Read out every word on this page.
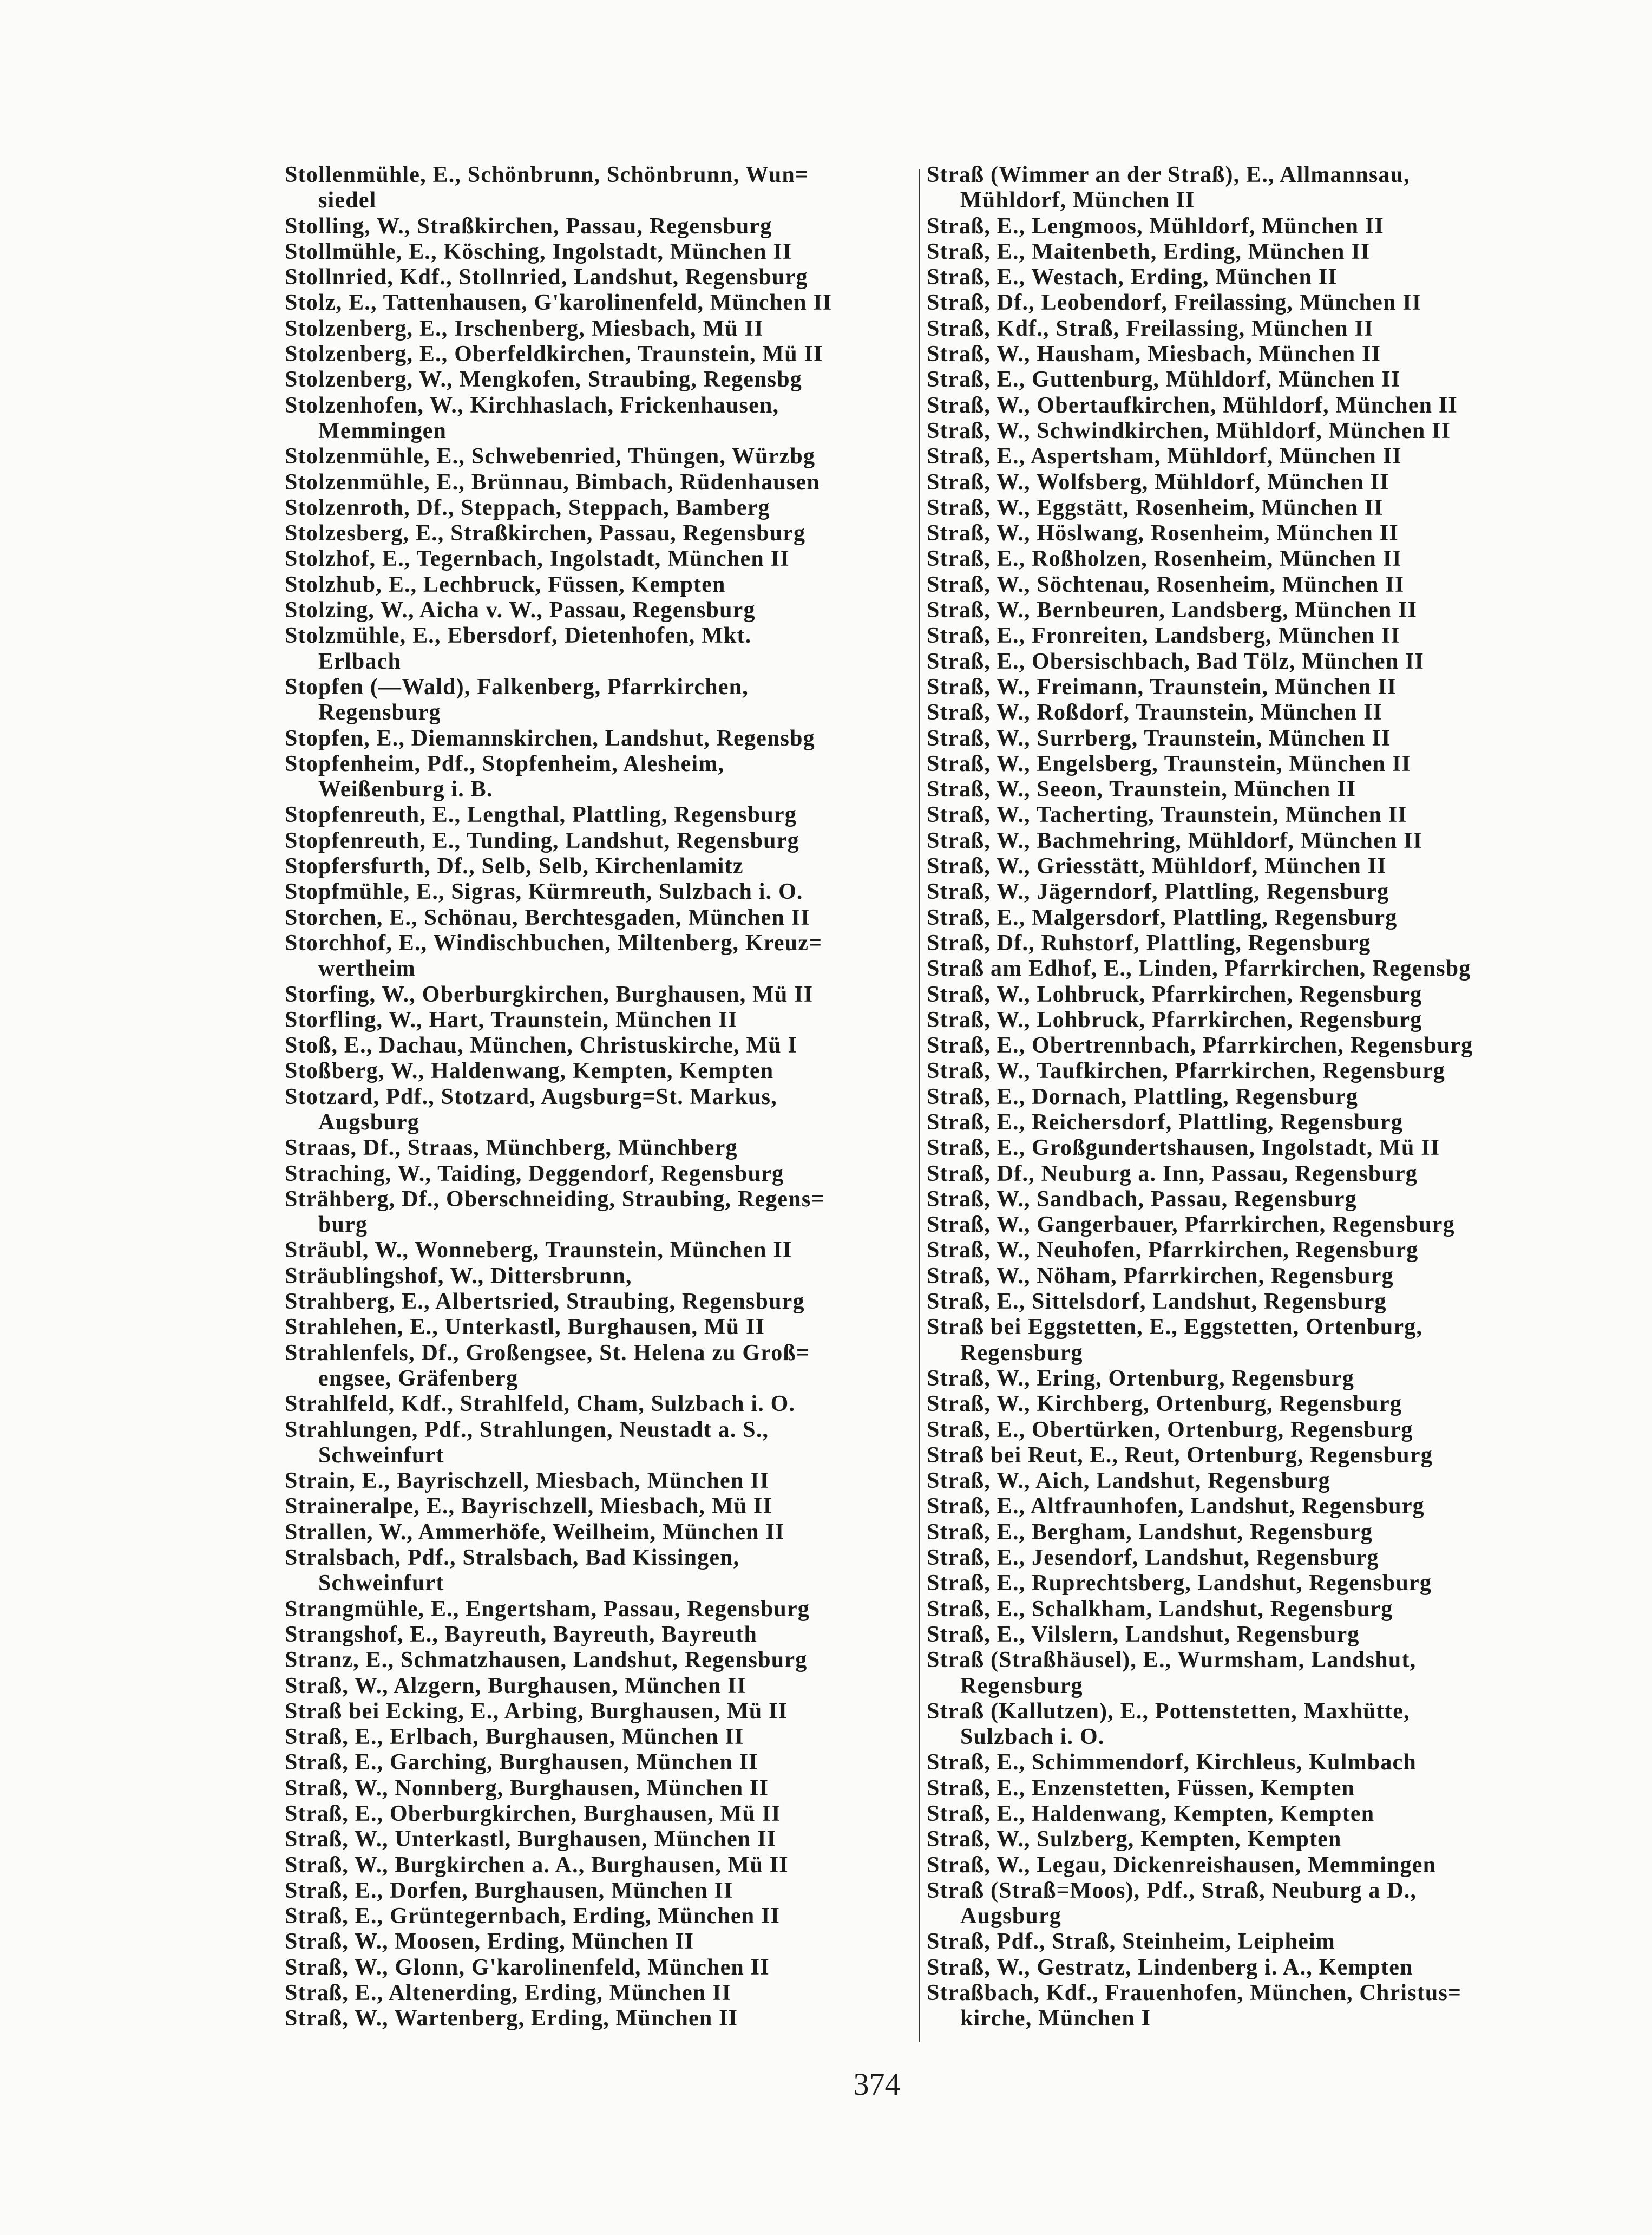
Stollenmühle, E., Schönbrunn, Schönbrunn, Wun=
siedel
Stolling, W., Straßkirchen, Passau, Regensburg
Stollmühle, E., Kösching, Ingolstadt, München II
Stollnried, Kdf., Stollnried, Landshut, Regensburg
Stolz, E., Tattenhausen, G'karolinenfeld, München II
Stolzenberg, E., Irschenberg, Miesbach, Mü II
Stolzenberg, E., Oberfeldkirchen, Traunstein, Mü II
Stolzenberg, W., Mengkofen, Straubing, Regensbg
Stolzenhofen, W., Kirchhaslach, Frickenhausen,
Memmingen
Stolzenmühle, E., Schwebenried, Thüngen, Würzbg
Stolzenmühle, E., Brünnau, Bimbach, Rüdenhausen
Stolzenroth, Df., Steppach, Steppach, Bamberg
Stolzesberg, E., Straßkirchen, Passau, Regensburg
Stolzhof, E., Tegernbach, Ingolstadt, München II
Stolzhub, E., Lechbruck, Füssen, Kempten
Stolzing, W., Aicha v. W., Passau, Regensburg
Stolzmühle, E., Ebersdorf, Dietenhofen, Mkt.
Erlbach
Stopfen (—Wald), Falkenberg, Pfarrkirchen,
Regensburg
Stopfen, E., Diemannskirchen, Landshut, Regensbg
Stopfenheim, Pdf., Stopfenheim, Alesheim,
Weißenburg i. B.
Stopfenreuth, E., Lengthal, Plattling, Regensburg
Stopfenreuth, E., Tunding, Landshut, Regensburg
Stopfersfurth, Df., Selb, Selb, Kirchenlamitz
Stopfmühle, E., Sigras, Kürmreuth, Sulzbach i. O.
Storchen, E., Schönau, Berchtesgaden, München II
Storchhof, E., Windischbuchen, Miltenberg, Kreuz=
wertheim
Storfing, W., Oberburgkirchen, Burghausen, Mü II
Storfling, W., Hart, Traunstein, München II
Stoß, E., Dachau, München, Christuskirche, Mü I
Stoßberg, W., Haldenwang, Kempten, Kempten
Stotzard, Pdf., Stotzard, Augsburg=St. Markus,
Augsburg
Straas, Df., Straas, Münchberg, Münchberg
Straching, W., Taiding, Deggendorf, Regensburg
Strähberg, Df., Oberschneiding, Straubing, Regens=
burg
Sträubl, W., Wonneberg, Traunstein, München II
Sträublingshof, W., Dittersbrunn,
Strahberg, E., Albertsried, Straubing, Regensburg
Strahlehen, E., Unterkastl, Burghausen, Mü II
Strahlenfels, Df., Großengsee, St. Helena zu Groß=
engsee, Gräfenberg
Strahlfeld, Kdf., Strahlfeld, Cham, Sulzbach i. O.
Strahlungen, Pdf., Strahlungen, Neustadt a. S.,
Schweinfurt
Strain, E., Bayrischzell, Miesbach, München II
Straineralpe, E., Bayrischzell, Miesbach, Mü II
Strallen, W., Ammerhöfe, Weilheim, München II
Stralsbach, Pdf., Stralsbach, Bad Kissingen,
Schweinfurt
Strangmühle, E., Engertsham, Passau, Regensburg
Strangshof, E., Bayreuth, Bayreuth, Bayreuth
Stranz, E., Schmatzhausen, Landshut, Regensburg
Straß, W., Alzgern, Burghausen, München II
Straß bei Ecking, E., Arbing, Burghausen, Mü II
Straß, E., Erlbach, Burghausen, München II
Straß, E., Garching, Burghausen, München II
Straß, W., Nonnberg, Burghausen, München II
Straß, E., Oberburgkirchen, Burghausen, Mü II
Straß, W., Unterkastl, Burghausen, München II
Straß, W., Burgkirchen a. A., Burghausen, Mü II
Straß, E., Dorfen, Burghausen, München II
Straß, E., Grüntegernbach, Erding, München II
Straß, W., Moosen, Erding, München II
Straß, W., Glonn, G'karolinenfeld, München II
Straß, E., Altenerding, Erding, München II
Straß, W., Wartenberg, Erding, München II
Straß (Wimmer an der Straß), E., Allmannsau,
Mühldorf, München II
Straß, E., Lengmoos, Mühldorf, München II
Straß, E., Maitenbeth, Erding, München II
Straß, E., Westach, Erding, München II
Straß, Df., Leobendorf, Freilassing, München II
Straß, Kdf., Straß, Freilassing, München II
Straß, W., Hausham, Miesbach, München II
Straß, E., Guttenburg, Mühldorf, München II
Straß, W., Obertaufkirchen, Mühldorf, München II
Straß, W., Schwindkirchen, Mühldorf, München II
Straß, E., Aspertsham, Mühldorf, München II
Straß, W., Wolfsberg, Mühldorf, München II
Straß, W., Eggstätt, Rosenheim, München II
Straß, W., Höslwang, Rosenheim, München II
Straß, E., Roßholzen, Rosenheim, München II
Straß, W., Söchtenau, Rosenheim, München II
Straß, W., Bernbeuren, Landsberg, München II
Straß, E., Fronreiten, Landsberg, München II
Straß, E., Obersischbach, Bad Tölz, München II
Straß, W., Freimann, Traunstein, München II
Straß, W., Roßdorf, Traunstein, München II
Straß, W., Surrberg, Traunstein, München II
Straß, W., Engelsberg, Traunstein, München II
Straß, W., Seeon, Traunstein, München II
Straß, W., Tacherting, Traunstein, München II
Straß, W., Bachmehring, Mühldorf, München II
Straß, W., Griesstätt, Mühldorf, München II
Straß, W., Jägerndorf, Plattling, Regensburg
Straß, E., Malgersdorf, Plattling, Regensburg
Straß, Df., Ruhstorf, Plattling, Regensburg
Straß am Edhof, E., Linden, Pfarrkirchen, Regensbg
Straß, W., Lohbruck, Pfarrkirchen, Regensburg
Straß, W., Lohbruck, Pfarrkirchen, Regensburg
Straß, E., Obertrennbach, Pfarrkirchen, Regensburg
Straß, W., Taufkirchen, Pfarrkirchen, Regensburg
Straß, E., Dornach, Plattling, Regensburg
Straß, E., Reichersdorf, Plattling, Regensburg
Straß, E., Großgundertshausen, Ingolstadt, Mü II
Straß, Df., Neuburg a. Inn, Passau, Regensburg
Straß, W., Sandbach, Passau, Regensburg
Straß, W., Gangerbauer, Pfarrkirchen, Regensburg
Straß, W., Neuhofen, Pfarrkirchen, Regensburg
Straß, W., Nöham, Pfarrkirchen, Regensburg
Straß, E., Sittelsdorf, Landshut, Regensburg
Straß bei Eggstetten, E., Eggstetten, Ortenburg,
Regensburg
Straß, W., Ering, Ortenburg, Regensburg
Straß, W., Kirchberg, Ortenburg, Regensburg
Straß, E., Obertürken, Ortenburg, Regensburg
Straß bei Reut, E., Reut, Ortenburg, Regensburg
Straß, W., Aich, Landshut, Regensburg
Straß, E., Altfraunhofen, Landshut, Regensburg
Straß, E., Bergham, Landshut, Regensburg
Straß, E., Jesendorf, Landshut, Regensburg
Straß, E., Ruprechtsberg, Landshut, Regensburg
Straß, E., Schalkham, Landshut, Regensburg
Straß, E., Vilslern, Landshut, Regensburg
Straß (Straßhäusel), E., Wurmsham, Landshut,
Regensburg
Straß (Kallutzen), E., Pottenstetten, Maxhütte,
Sulzbach i. O.
Straß, E., Schimmendorf, Kirchleus, Kulmbach
Straß, E., Enzenstetten, Füssen, Kempten
Straß, E., Haldenwang, Kempten, Kempten
Straß, W., Sulzberg, Kempten, Kempten
Straß, W., Legau, Dickenreishausen, Memmingen
Straß (Straß=Moos), Pdf., Straß, Neuburg a D.,
Augsburg
Straß, Pdf., Straß, Steinheim, Leipheim
Straß, W., Gestratz, Lindenberg i. A., Kempten
Straßbach, Kdf., Frauenhofen, München, Christus=
kirche, München I
374
